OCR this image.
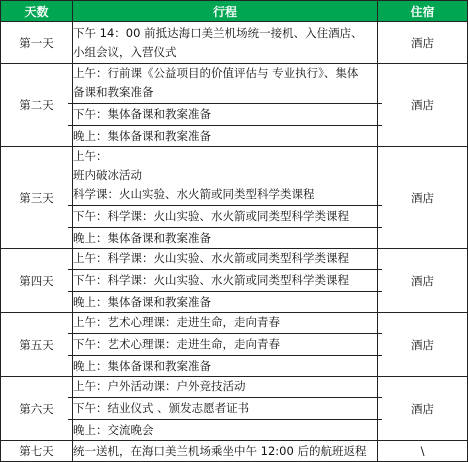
天数	行程	住宿
第一天	下午 14：00 前抵达海口美兰机场统一接机、入住酒店、
小组会议，入营仪式	酒店
第二天	上午：行前课《公益项目的价值评估与 专业执行》、集体
备课和教案准备
下午：集体备课和教案准备
晚上：集体备课和教案准备	酒店
第三天	上午：
班内破冰活动
科学课：火山实验、水火箭或同类型科学类课程
下午：科学课：火山实验、水火箭或同类型科学类课程
晚上：集体备课和教案准备	酒店
第四天	上午：科学课：火山实验、水火箭或同类型科学类课程
下午：科学课：火山实验、水火箭或同类型科学类课程
晚上：集体备课和教案准备	酒店
第五天	上午：艺术心理课：走进生命，走向青春
下午：艺术心理课：走进生命，走向青春
晚上：集体备课和教案准备	酒店
第六天	上午：户外活动课：户外竞技活动
下午：结业仪式 、颁发志愿者证书
晚上：交流晚会	酒店
第七天	统一送机，在海口美兰机场乘坐中午 12:00 后的航班返程	\
